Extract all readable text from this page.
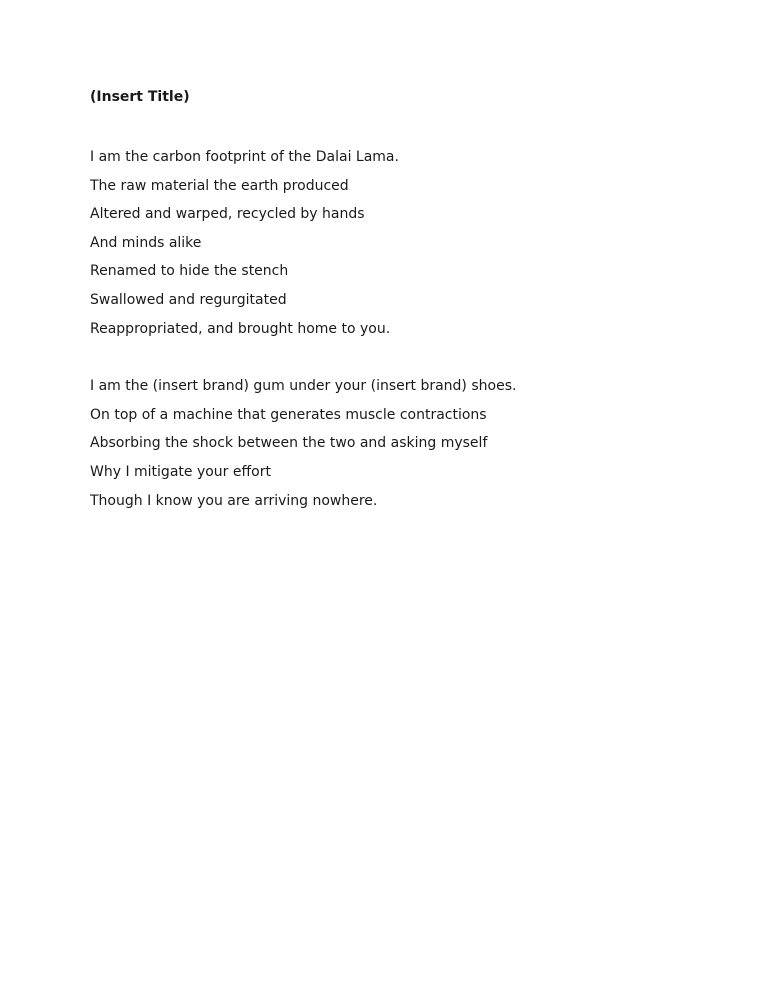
(Insert Title)
I am the carbon footprint of the Dalai Lama.
The raw material the earth produced
Altered and warped, recycled by hands
And minds alike
Renamed to hide the stench
Swallowed and regurgitated
Reappropriated, and brought home to you.
I am the (insert brand) gum under your (insert brand) shoes.
On top of a machine that generates muscle contractions
Absorbing the shock between the two and asking myself
Why I mitigate your effort
Though I know you are arriving nowhere.
